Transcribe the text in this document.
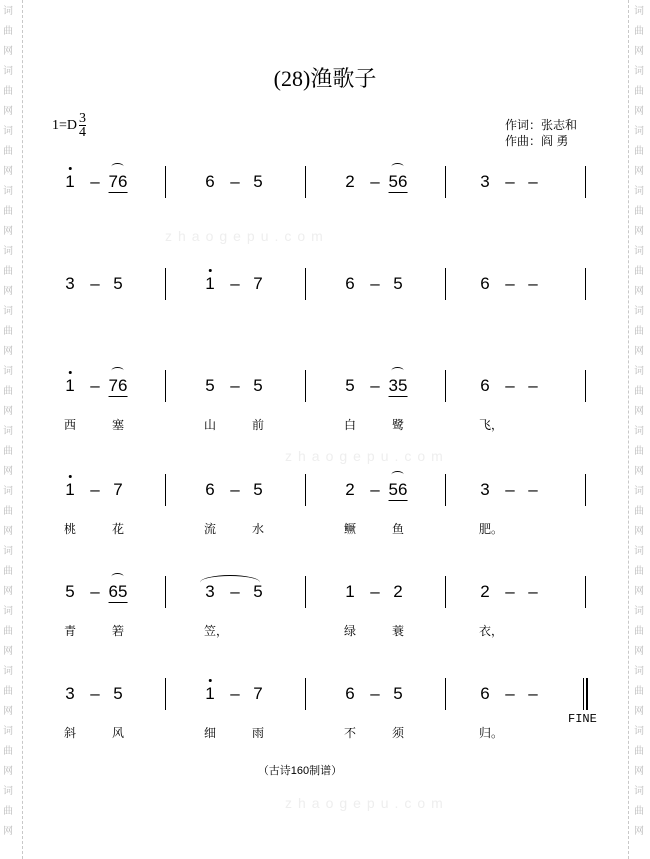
词
曲
网
词
曲
网
词
曲
网
词
曲
网
词
曲
网
词
曲
网
词
曲
网
词
曲
网
词
曲
网
词
曲
网
词
曲
网
词
曲
网
词
曲
网
词
曲
网
词
曲
网
词
曲
网
词
曲
网
词
曲
网
词
曲
网
词
曲
网
词
曲
网
词
曲
网
词
曲
网
词
曲
网
词
曲
网
词
曲
网
词
曲
网
词
曲
网
zhaogepu.com
zhaogepu.com
zhaogepu.com
(28)渔歌子
$1=D \frac{3}{4}$	作词：张志和
作曲：阎 勇
1 – 76	6 – 5	2 – 56	3 – –
3 – 5	1 – 7	6 – 5	6 – –
1 – 76
西	塞
5 – 5
山	前
5 – 35
白	鹭
6 – –
飞，
1 – 7
桃	花
6 – 5
流	水
2 – 56
鳜	鱼
3 – –
肥。
5 – 65
青	箬
3 – 5
笠，
1 – 2
绿	蓑
2 – –
衣，
3 – 5
斜	风
1 – 7
细	雨
6 – 5
不	须
6 – –
归。
FINE
（古诗160制谱）
